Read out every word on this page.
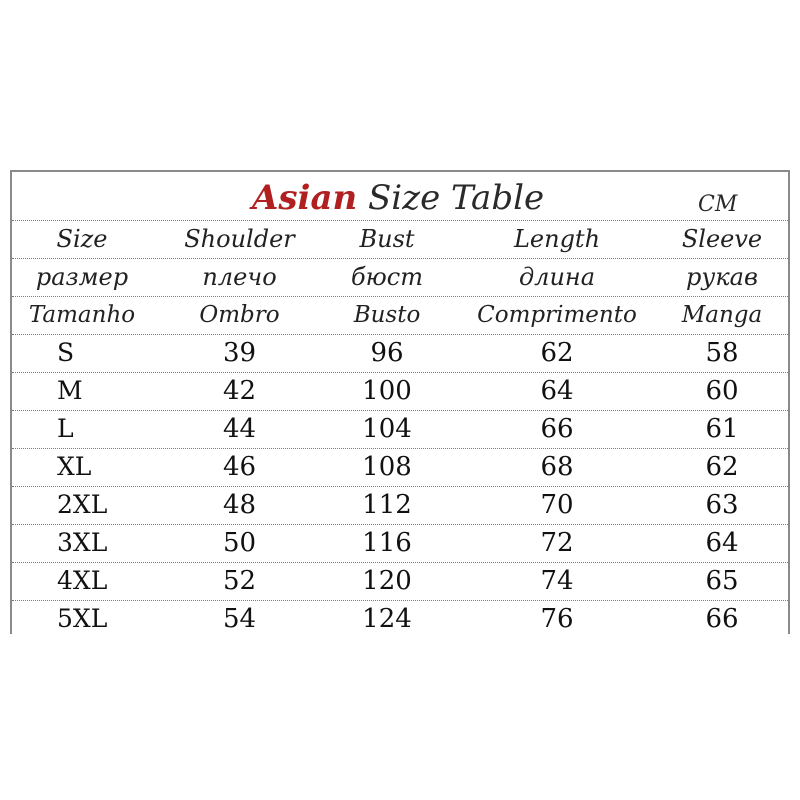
Asian Size Table	CM
Size	Shoulder	Bust	Length	Sleeve
размер	плечо	бюст	длина	рукав
Tamanho	Ombro	Busto	Comprimento	Manga
S	39	96	62	58
M	42	100	64	60
L	44	104	66	61
XL	46	108	68	62
2XL	48	112	70	63
3XL	50	116	72	64
4XL	52	120	74	65
5XL	54	124	76	66
